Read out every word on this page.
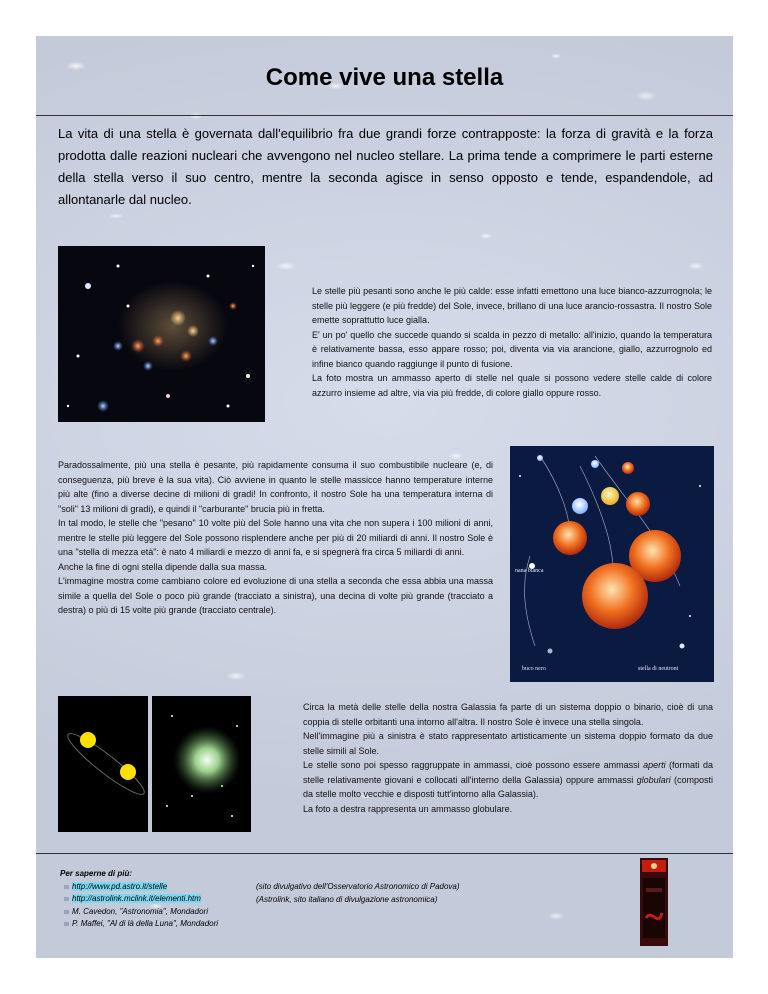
Come vive una stella
La vita di una stella è governata dall'equilibrio fra due grandi forze contrapposte: la forza di gravità e la forza prodotta dalle reazioni nucleari che avvengono nel nucleo stellare. La prima tende a comprimere le parti esterne della stella verso il suo centro, mentre la seconda agisce in senso opposto e tende, espandendole, ad allontanarle dal nucleo.

Le stelle più pesanti sono anche le più calde: esse infatti emettono una luce bianco-azzurrognola; le stelle più leggere (e più fredde) del Sole, invece, brillano di una luce arancio-rossastra. Il nostro Sole emette soprattutto luce gialla.

E' un po' quello che succede quando si scalda in pezzo di metallo: all'inizio, quando la temperatura è relativamente bassa, esso appare rosso; poi, diventa via via arancione, giallo, azzurrognolo ed infine bianco quando raggiunge il punto di fusione.

La foto mostra un ammasso aperto di stelle nel quale si possono vedere stelle calde di colore azzurro insieme ad altre, via via più fredde, di colore giallo oppure rosso.

nana bianca
buco nero	stella di neutroni

Paradossalmente, più una stella è pesante, più rapidamente consuma il suo combustibile nucleare (e, di conseguenza, più breve è la sua vita). Ciò avviene in quanto le stelle massicce hanno temperature interne più alte (fino a diverse decine di milioni di gradi! In confronto, il nostro Sole ha una temperatura interna di "soli" 13 milioni di gradi), e quindi il "carburante" brucia più in fretta.

In tal modo, le stelle che "pesano" 10 volte più del Sole hanno una vita che non supera i 100 milioni di anni, mentre le stelle più leggere del Sole possono risplendere anche per più di 20 miliardi di anni. Il nostro Sole è una "stella di mezza età": è nato 4 miliardi e mezzo di anni fa, e si spegnerà fra circa 5 miliardi di anni.

Anche la fine di ogni stella dipende dalla sua massa.

L'immagine mostra come cambiano colore ed evoluzione di una stella a seconda che essa abbia una massa simile a quella del Sole o poco più grande (tracciato a sinistra), una decina di volte più grande (tracciato a destra) o più di 15 volte più grande (tracciato centrale).

Circa la metà delle stelle della nostra Galassia fa parte di un sistema doppio o binario, cioè di una coppia di stelle orbitanti una intorno all'altra. Il nostro Sole è invece una stella singola.

Nell'immagine più a sinistra è stato rappresentato artisticamente un sistema doppio formato da due stelle simili al Sole.

Le stelle sono poi spesso raggruppate in ammassi, cioè possono essere ammassi aperti (formati da stelle relativamente giovani e collocati all'interno della Galassia) oppure ammassi globulari (composti da stelle molto vecchie e disposti tutt'intorno alla Galassia).

La foto a destra rappresenta un ammasso globulare.

Per saperne di più:
http://www.pd.astro.it/stelle
http://astrolink.mclink.it/elementi.htm
M. Cavedon, "Astronomia", Mondadori
P. Maffei, "Al di là della Luna", Mondadori
(sito divulgativo dell'Osservatorio Astronomico di Padova)
(Astrolink, sito italiano di divulgazione astronomica)
